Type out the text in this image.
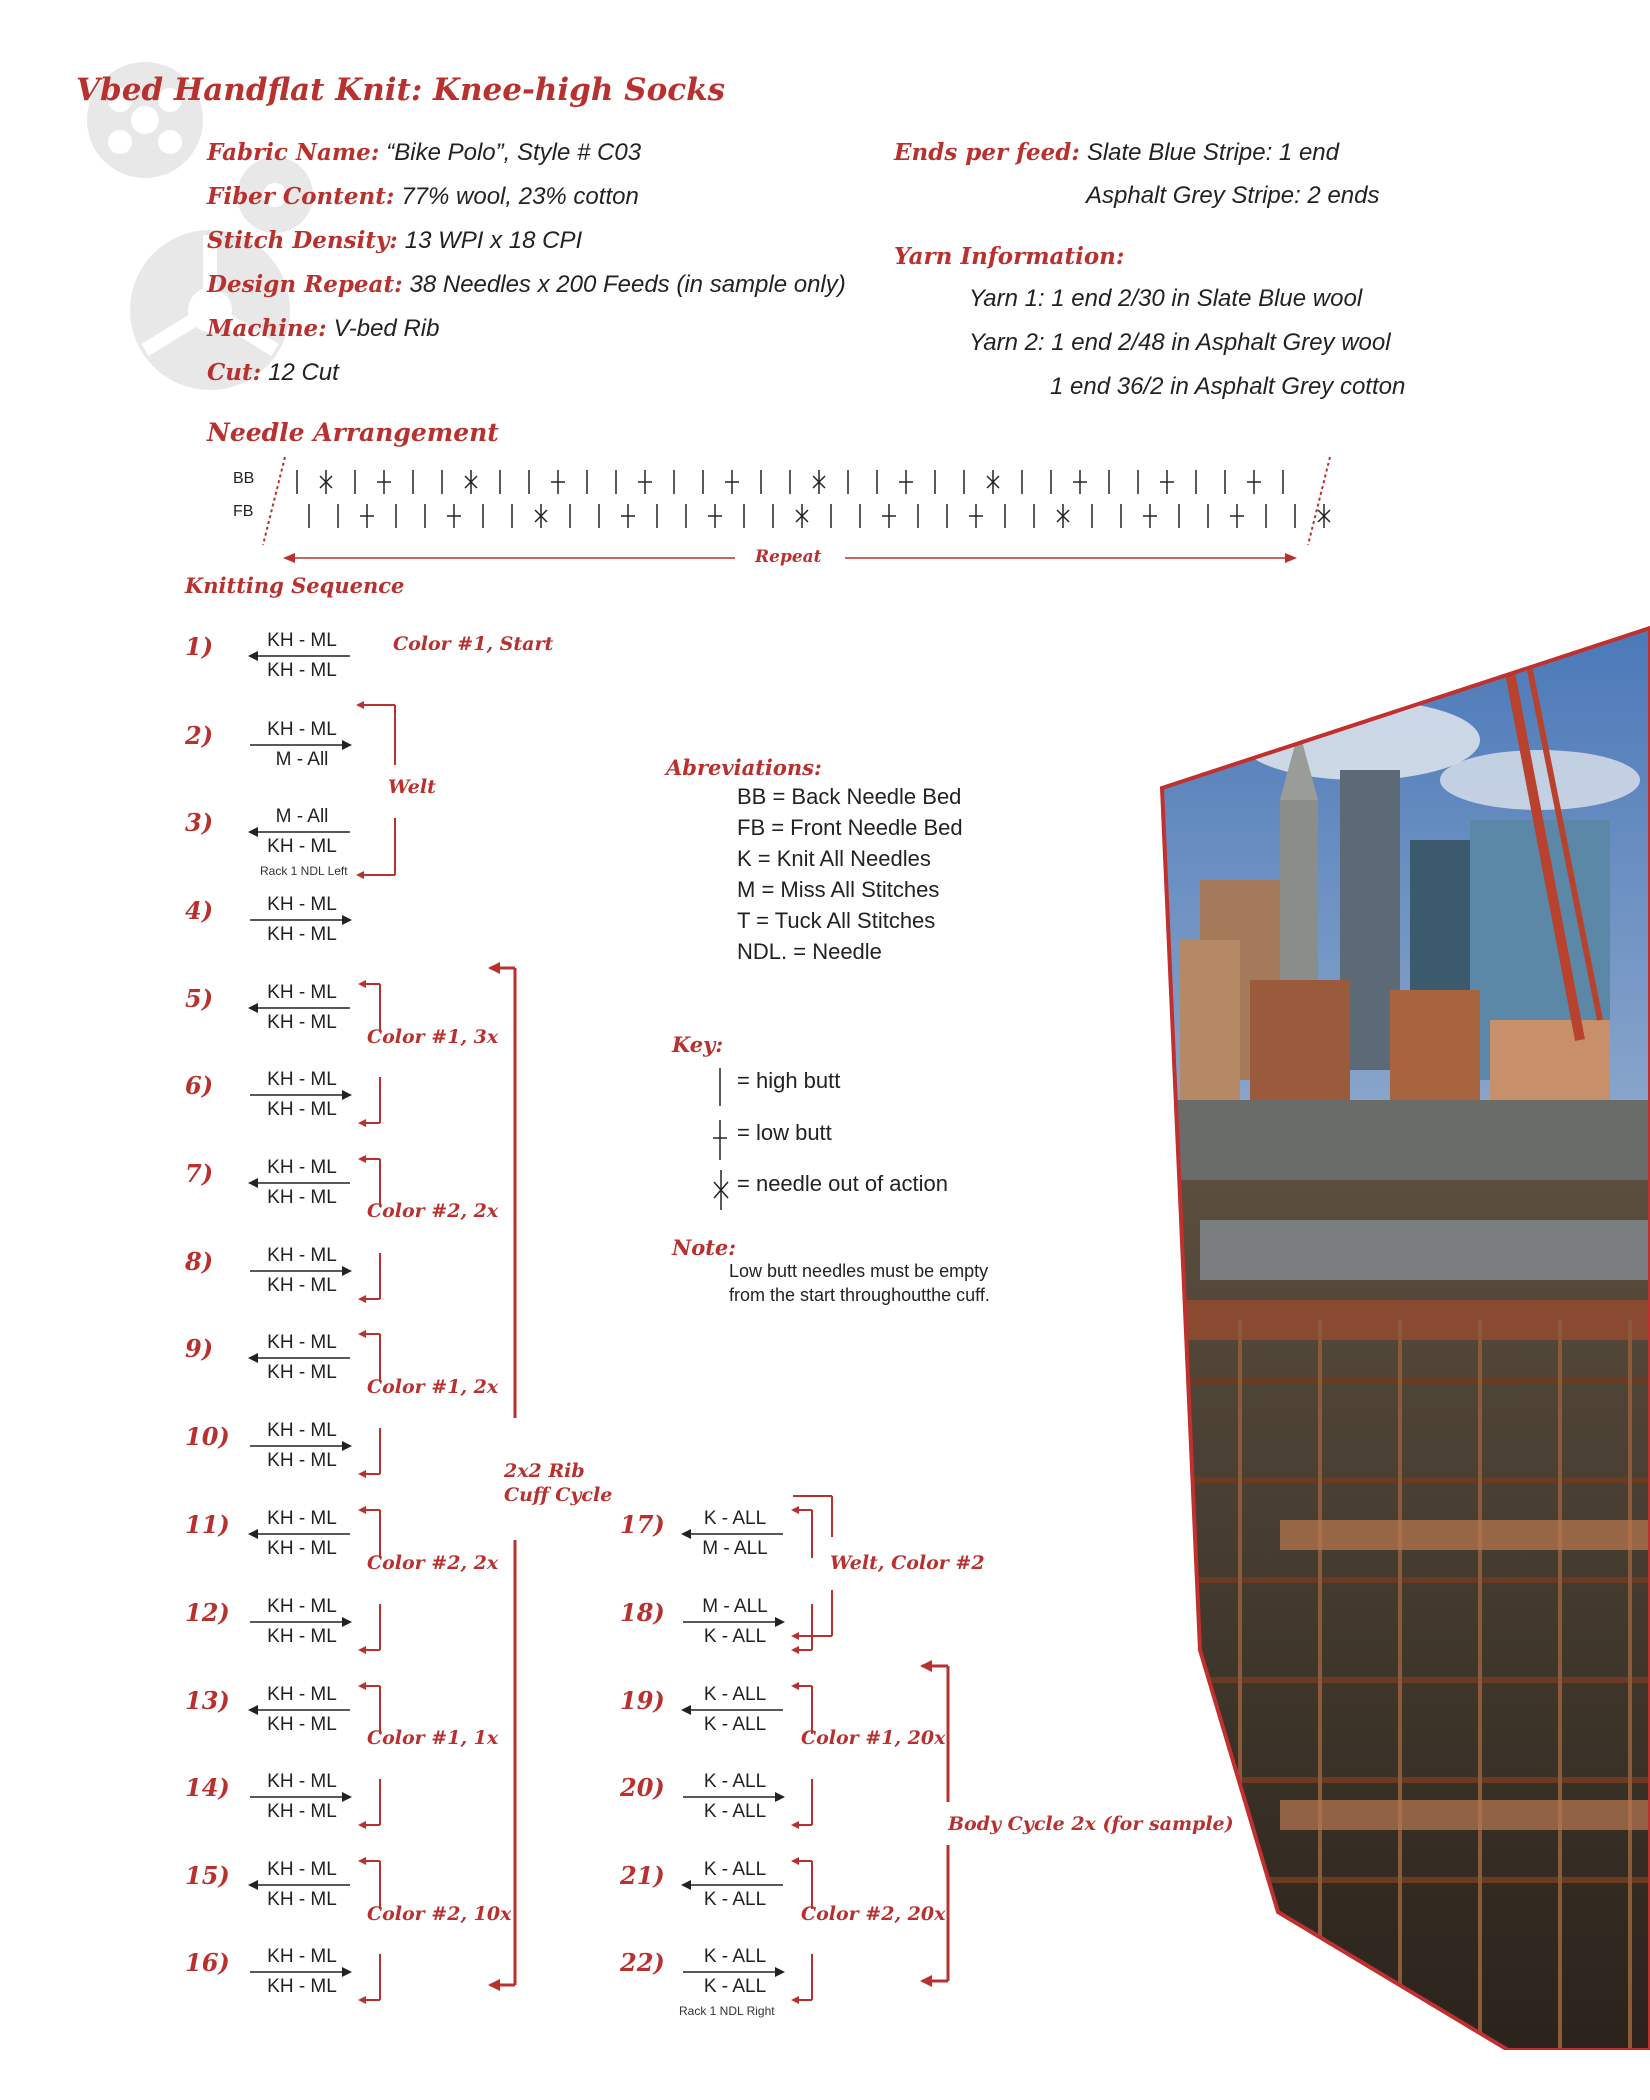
Vbed Handflat Knit: Knee-high Socks
Fabric Name: “Bike Polo”, Style # C03
Fiber Content: 77% wool, 23% cotton
Stitch Density: 13 WPI x 18 CPI
Design Repeat: 38 Needles x 200 Feeds (in sample only)
Machine: V-bed Rib
Cut: 12 Cut
Ends per feed: Slate Blue Stripe: 1 end
Asphalt Grey Stripe: 2 ends
Yarn Information:
Yarn 1: 1 end 2/30 in Slate Blue wool
Yarn 2: 1 end 2/48 in Asphalt Grey wool
1 end 36/2 in Asphalt Grey cotton
Needle Arrangement
BB
FB
Repeat
Knitting Sequence
1)	KH - ML
KH - ML
2)	KH - ML
M - All
3)	M - All
KH - ML
Rack 1 NDL Left
4)	KH - ML
KH - ML
5)	KH - ML
KH - ML
6)	KH - ML
KH - ML
7)	KH - ML
KH - ML
8)	KH - ML
KH - ML
9)	KH - ML
KH - ML
10)	KH - ML
KH - ML
11)	KH - ML
KH - ML
12)	KH - ML
KH - ML
13)	KH - ML
KH - ML
14)	KH - ML
KH - ML
15)	KH - ML
KH - ML
16)	KH - ML
KH - ML
17)	K - ALL
M - ALL
18)	M - ALL
K - ALL
19)	K - ALL
K - ALL
20)	K - ALL
K - ALL
21)	K - ALL
K - ALL
22)	K - ALL
K - ALL
Rack 1 NDL Right
Color #1, Start
Welt
Color #1, 3x
Color #2, 2x
Color #1, 2x
Color #2, 2x
Color #1, 1x
Color #2, 10x
2x2 Rib
Cuff Cycle
Welt, Color #2
Color #1, 20x
Color #2, 20x
Body Cycle 2x (for sample)
Abreviations:
BB = Back Needle Bed
FB = Front Needle Bed
K = Knit All Needles
M = Miss All Stitches
T = Tuck All Stitches
NDL. = Needle
Key:
= high butt
= low butt
= needle out of action
Note:
Low butt needles must be empty
from the start throughoutthe cuff.
